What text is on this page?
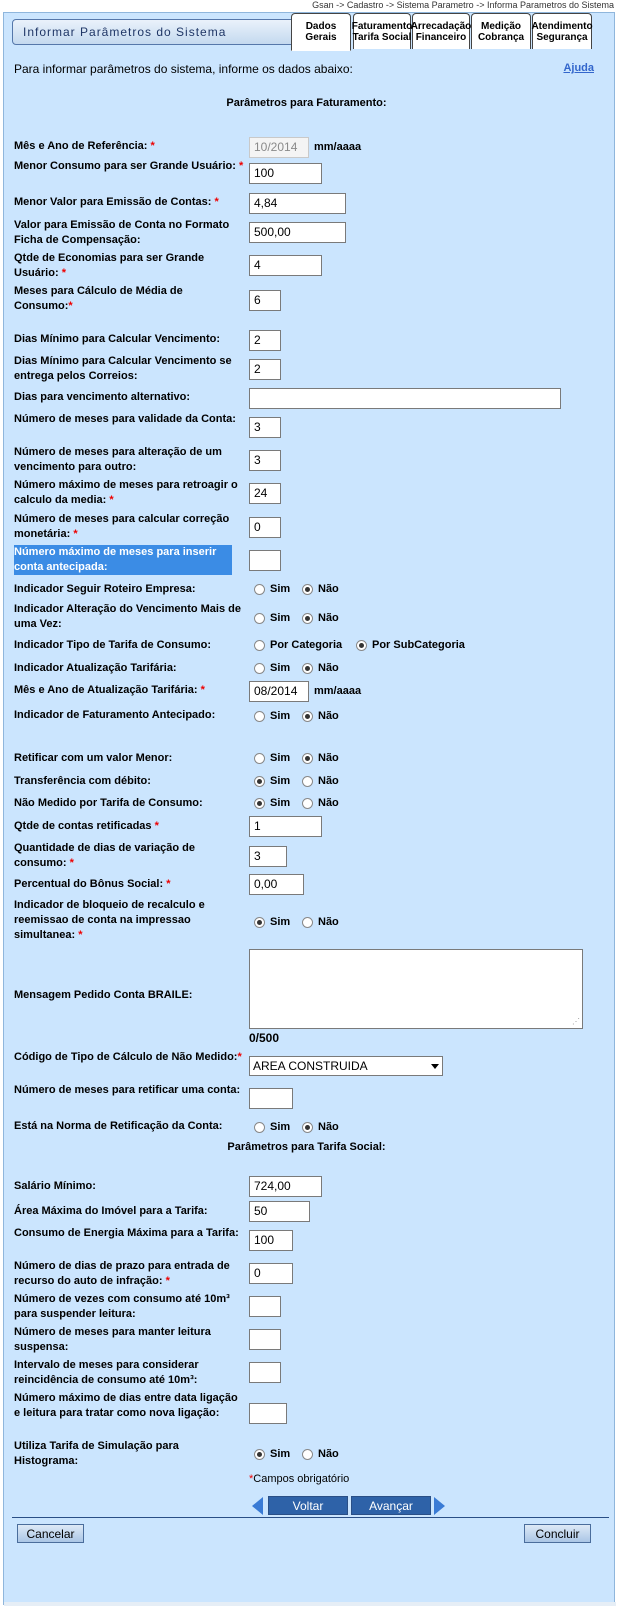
Gsan -> Cadastro -> Sistema Parametro -> Informa Parametros do Sistema
Informar Parâmetros do Sistema	Dados
Gerais
Faturamento
Tarifa Social
Arrecadação
Financeiro
Medição
Cobrança
Atendimento
Segurança
Para informar parâmetros do sistema, informe os dados abaixo:	Ajuda
Parâmetros para Faturamento:
Mês e Ano de Referência: *	10/2014	mm/aaaa
Menor Consumo para ser Grande Usuário: * 100
Menor Valor para Emissão de Contas: *	4,84
Valor para Emissão de Conta no Formato Ficha de Compensação:
500,00
Qtde de Economias para ser Grande Usuário: *
4
Meses para Cálculo de Média de Consumo:*	6
Dias Mínimo para Calcular Vencimento:	2
Dias Mínimo para Calcular Vencimento se entrega pelos Correios:	2
Dias para vencimento alternativo:
Número de meses para validade da Conta:
3
Número de meses para alteração de um vencimento para outro:	3
Número máximo de meses para retroagir o calculo da media: *	24
Número de meses para calcular correção monetária: *	0
Número máximo de meses para inserir conta antecipada:
Indicador Seguir Roteiro Empresa:	Sim	Não
Indicador Alteração do Vencimento Mais de uma Vez:	Sim	Não
Indicador Tipo de Tarifa de Consumo:	Por Categoria	Por SubCategoria
Indicador Atualização Tarifária:	Sim	Não
Mês e Ano de Atualização Tarifária: *	08/2014	mm/aaaa
Indicador de Faturamento Antecipado:	Sim	Não
Retificar com um valor Menor:	Sim	Não
Transferência com débito:	Sim	Não
Não Medido por Tarifa de Consumo:	Sim	Não
Qtde de contas retificadas *	1
Quantidade de dias de variação de consumo: *	3
Percentual do Bônus Social: *	0,00
Indicador de bloqueio de recalculo e reemissao de conta na impressao simultanea: *
Sim	Não
Mensagem Pedido Conta BRAILE:
⋰
0/500
Código de Tipo de Cálculo de Não Medido:*
AREA CONSTRUIDA
Número de meses para retificar uma conta:
Está na Norma de Retificação da Conta:	Sim	Não
Parâmetros para Tarifa Social:
Salário Mínimo:	724,00
Área Máxima do Imóvel para a Tarifa:	50
Consumo de Energia Máxima para a Tarifa:	100
Número de dias de prazo para entrada de recurso do auto de infração: *
0
Número de vezes com consumo até 10m³ para suspender leitura:
Número de meses para manter leitura suspensa:
Intervalo de meses para considerar reincidência de consumo até 10m³:
Número máximo de dias entre data ligação e leitura para tratar como nova ligação:
Utiliza Tarifa de Simulação para Histograma:
Sim	Não
*Campos obrigatório
Voltar	Avançar
Cancelar	Concluir
